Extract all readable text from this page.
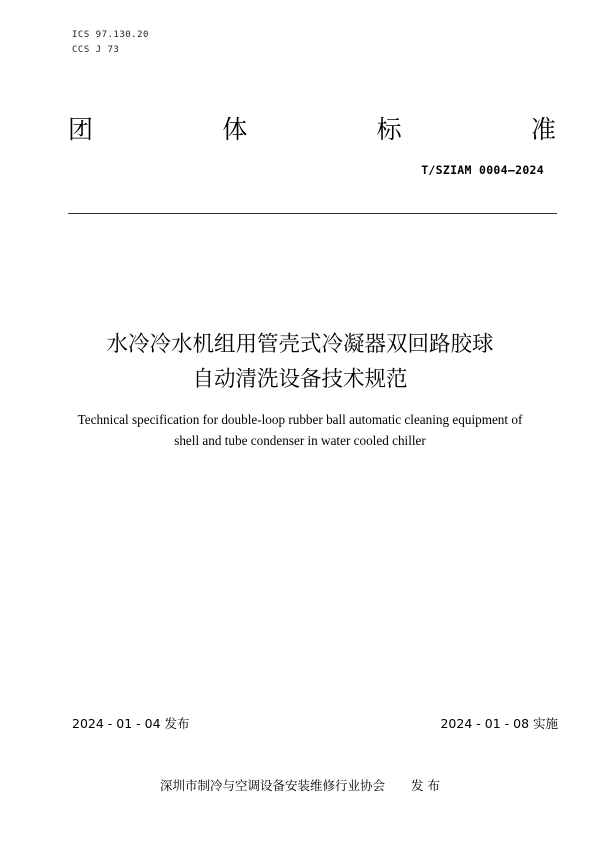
ICS 97.130.20
CCS J 73
团	体	标	准
T/SZIAM 0004—2024
水冷冷水机组用管壳式冷凝器双回路胶球
自动清洗设备技术规范
Technical specification for double-loop rubber ball automatic cleaning equipment of
shell and tube condenser in water cooled chiller
2024 - 01 - 04 发布	2024 - 01 - 08 实施
深圳市制冷与空调设备安装维修行业协会 发 布
